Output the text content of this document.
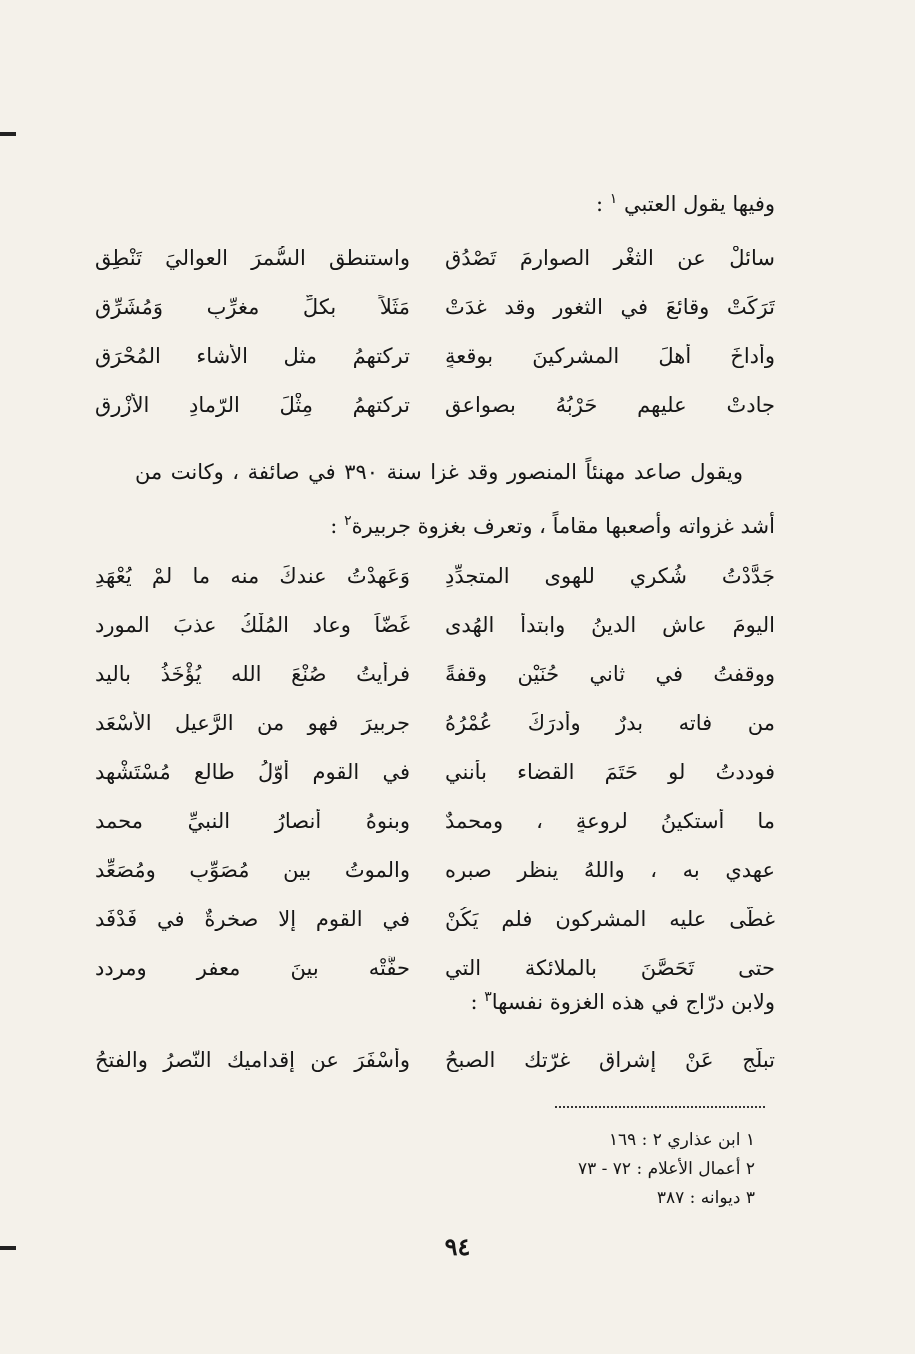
وفيها يقول العتبي $^١$ :
سائلْ عن الثغْرِ الصوارمَ تَصْدُقِ
واستنطقِ السُّمرَ العواليَ تَنْطِقِ
تَرَكَتْ وقائعَ في الثغور وقد غدَتْ
مَثَلاً بكلِّ مغرِّبٍ وَمُشَرِّقِ
وأداخَ أهلَ المشركينَ بوقعةٍ
تركتهمُ مثل الأشاء المُحْرَقِ
جادتْ عليهم حَرْبُهُ بصواعقٍ
تركتهمُ مِثْلَ الرّمادِ الأزْرقِ
ويقول صاعد مهنئاً المنصور وقد غزا سنة ٣٩٠ في صائفة ، وكانت من
أشد غزواته وأصعبها مقاماً ، وتعرف بغزوة جربيرة$^٢$ :
جَدَّدْتُ شُكري للهوى المتجدِّدِ
وَعَهِدْتُ عندكَ منه ما لمْ يُعْهَدِ
اليومَ عاش الدينُ وابتدأ الهُدى
غَضّاً وعاد المُلْكُ عذبَ المورد
ووقفتُ في ثاني حُنَيْنٍ وقفةً
فرأيتُ صُنْعَ الله يُؤْخَذُ باليد
من فاته بدرٌ وأدرَكَ عُمْرُهُ
جربيرَ فهو من الرَّعيلِ الأسْعَد
فوددتُ لو حَتَمَ القضاء بأنني
في القوم أوّلُ طالعٍ مُسْتَشْهد
ما أستكينُ لروعةٍ ، ومحمدٌ
وبنوهُ أنصارُ النبيِّ محمد
عهدي به ، واللهُ ينظر صبره
والموتُ بين مُصَوِّبٍ ومُصَعِّد
غطّى عليه المشركون فلم يَكُنْ
في القوم إلا صخرةٌ في فَدْفَد
حتى تَحَصَّنَ بالملائكة التي
حفَّتْه بينَ معفرٍ ومردد
ولابن درّاج في هذه الغزوة نفسها$^٣$ :
تبلّج عَنْ إشراقِ غرّتك الصبحُ
وأسْفَرَ عن إقداميك النّصرُ والفتحُ
١ ابن عذاري ٢ : ١٦٩
٢ أعمال الأعلام : ٧٢ - ٧٣
٣ ديوانه : ٣٨٧
٩٤
